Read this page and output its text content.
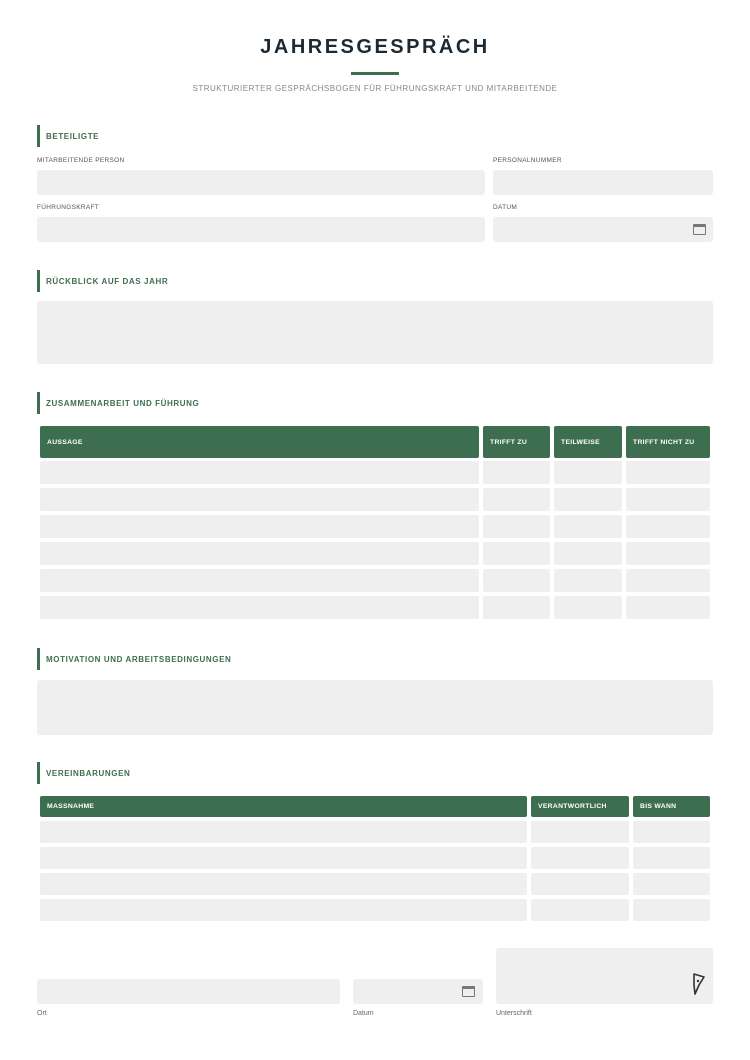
JAHRESGESPRÄCH
STRUKTURIERTER GESPRÄCHSBOGEN FÜR FÜHRUNGSKRAFT UND MITARBEITENDE
BETEILIGTE
MITARBEITENDE PERSON	PERSONALNUMMER
FÜHRUNGSKRAFT	DATUM
RÜCKBLICK AUF DAS JAHR
ZUSAMMENARBEIT UND FÜHRUNG
AUSSAGE	TRIFFT ZU	TEILWEISE	TRIFFT NICHT ZU
MOTIVATION UND ARBEITSBEDINGUNGEN
VEREINBARUNGEN
MASSNAHME	VERANTWORTLICH	BIS WANN
Ort	Datum	Unterschrift
